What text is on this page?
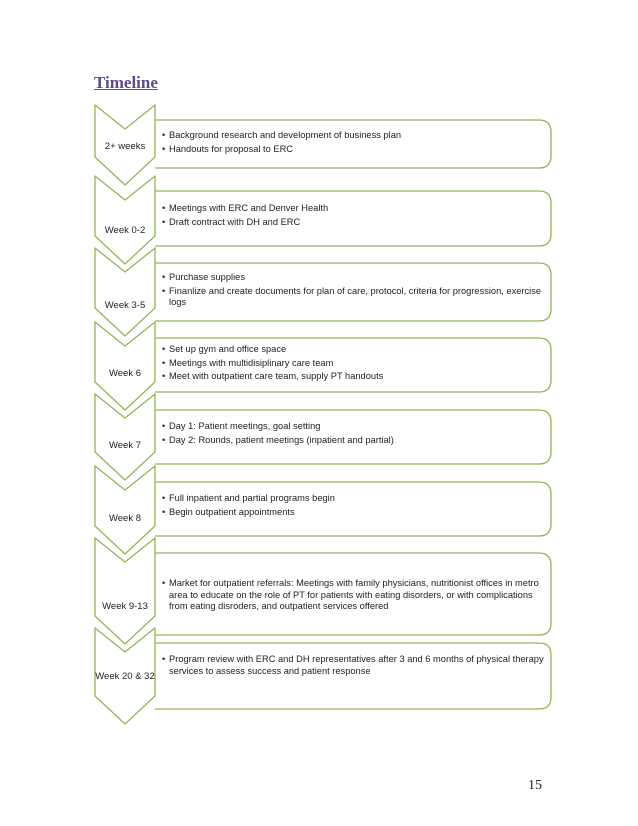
Timeline
2+ weeks
• Background research and development of business plan
• Handouts for proposal to ERC
Week 0-2
• Meetings with ERC and Denver Health
• Draft contract with DH and ERC
Week 3-5
• Purchase supplies
• Finanlize and create documents for plan of care, protocol, criteria for progression, exercise logs
Week 6
• Set up gym and office space
• Meetings with multidisiplinary care team
• Meet with outpatient care team, supply PT handouts
Week 7
• Day 1: Patient meetings, goal setting
• Day 2: Rounds, patient meetings (inpatient and partial)
Week 8
• Full inpatient and partial programs begin
• Begin outpatient appointments
Week 9-13
• Market for outpatient referrals: Meetings with family physicians, nutritionist offices in metro area to educate on the role of PT for patients with eating disorders, or with complications from eating disroders, and outpatient services offered
Week 20 & 32
• Program review with ERC and DH representatives after 3 and 6 months of physical therapy services to assess success and patient response
15
